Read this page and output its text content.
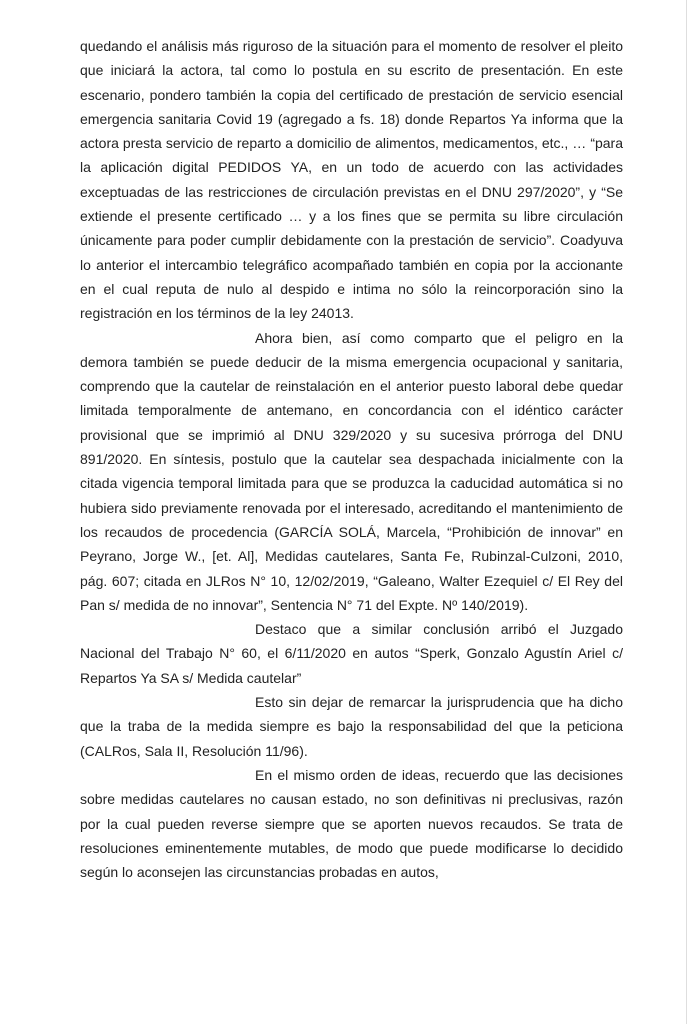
quedando el análisis más riguroso de la situación para el momento de resolver el pleito que iniciará la actora, tal como lo postula en su escrito de presentación. En este escenario, pondero también la copia del certificado de prestación de servicio esencial emergencia sanitaria Covid 19 (agregado a fs. 18) donde Repartos Ya informa que la actora presta servicio de reparto a domicilio de alimentos, medicamentos, etc., … “para la aplicación digital PEDIDOS YA, en un todo de acuerdo con las actividades exceptuadas de las restricciones de circulación previstas en el DNU 297/2020”, y “Se extiende el presente certificado … y a los fines que se permita su libre circulación únicamente para poder cumplir debidamente con la prestación de servicio”. Coadyuva lo anterior el intercambio telegráfico acompañado también en copia por la accionante en el cual reputa de nulo al despido e intima no sólo la reincorporación sino la registración en los términos de la ley 24013.

Ahora bien, así como comparto que el peligro en la demora también se puede deducir de la misma emergencia ocupacional y sanitaria, comprendo que la cautelar de reinstalación en el anterior puesto laboral debe quedar limitada temporalmente de antemano, en concordancia con el idéntico carácter provisional que se imprimió al DNU 329/2020 y su sucesiva prórroga del DNU 891/2020. En síntesis, postulo que la cautelar sea despachada inicialmente con la citada vigencia temporal limitada para que se produzca la caducidad automática si no hubiera sido previamente renovada por el interesado, acreditando el mantenimiento de los recaudos de procedencia (GARCÍA SOLÁ, Marcela, “Prohibición de innovar” en Peyrano, Jorge W., [et. Al], Medidas cautelares, Santa Fe, Rubinzal-Culzoni, 2010, pág. 607; citada en JLRos N° 10, 12/02/2019, “Galeano, Walter Ezequiel c/ El Rey del Pan s/ medida de no innovar”, Sentencia N° 71 del Expte. Nº 140/2019).

Destaco que a similar conclusión arribó el Juzgado Nacional del Trabajo N° 60, el 6/11/2020 en autos “Sperk, Gonzalo Agustín Ariel c/ Repartos Ya SA s/ Medida cautelar”

Esto sin dejar de remarcar la jurisprudencia que ha dicho que la traba de la medida siempre es bajo la responsabilidad del que la peticiona (CALRos, Sala II, Resolución 11/96).

En el mismo orden de ideas, recuerdo que las decisiones sobre medidas cautelares no causan estado, no son definitivas ni preclusivas, razón por la cual pueden reverse siempre que se aporten nuevos recaudos. Se trata de resoluciones eminentemente mutables, de modo que puede modificarse lo decidido según lo aconsejen las circunstancias probadas en autos,
